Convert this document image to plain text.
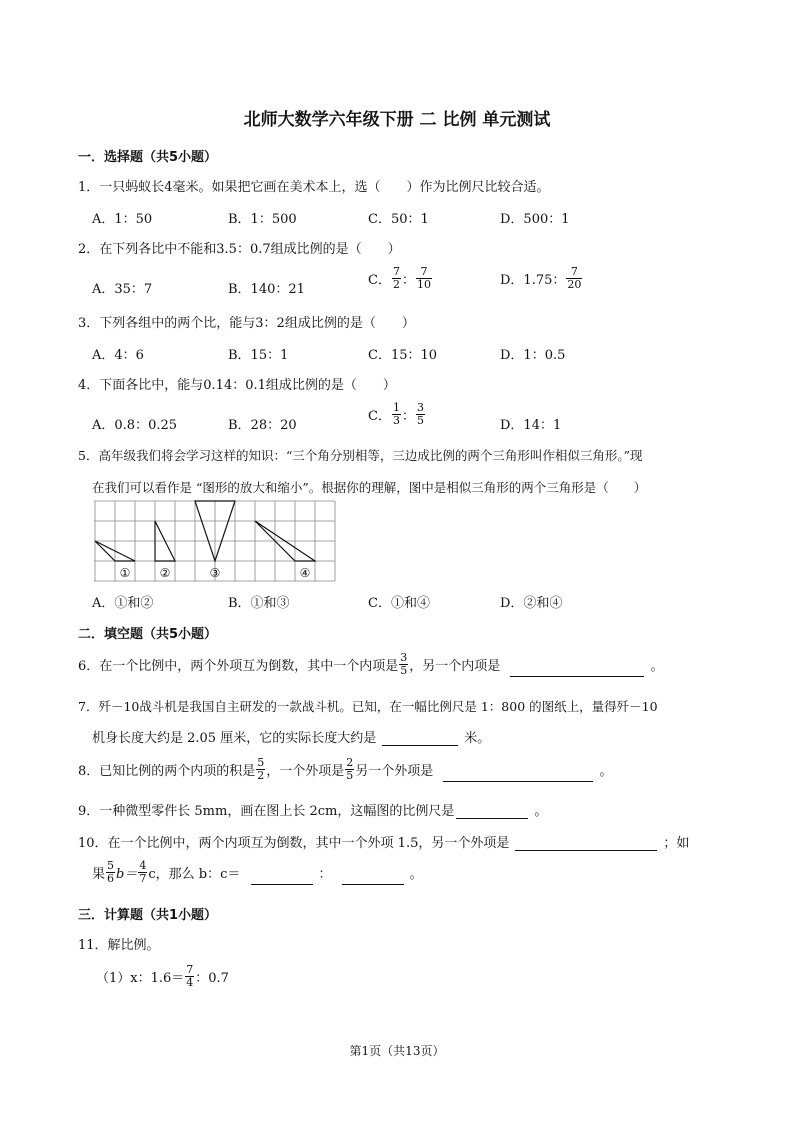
北师大数学六年级下册 二 比例 单元测试
一．选择题（共5小题）
1．一只蚂蚁长4毫米。如果把它画在美术本上，选（　　）作为比例尺比较合适。
A．1：50	B．1：500	C．50：1	D．500：1
2．在下列各比中不能和3.5：0.7组成比例的是（　　）
A．35：7	B．140：21
C． $\frac{7}{2}$ ： $\frac{7}{10}$	D．1.75： $\frac{7}{20}$
3．下列各组中的两个比，能与3：2组成比例的是（　　）
A．4：6	B．15：1	C．15：10	D．1：0.5
4．下面各比中，能与0.14：0.1组成比例的是（　　）
A．0.8：0.25	B．28：20
C． $\frac{1}{3}$ ： $\frac{3}{5}$	D．14：1
5．高年级我们将会学习这样的知识：“三个角分别相等，三边成比例的两个三角形叫作相似三角形。”现
在我们可以看作是 “图形的放大和缩小”。根据你的理解，图中是相似三角形的两个三角形是（　　）
① ②	③	④
A．①和②	B．①和③	C．①和④	D．②和④
二．填空题（共5小题）
6．在一个比例中，两个外项互为倒数，其中一个内项是 $\frac{3}{5}$ ，另一个内项是	。
7．歼－10战斗机是我国自主研发的一款战斗机。已知，在一幅比例尺是 1：800 的图纸上，量得歼－10
机身长度大约是 2.05 厘米，它的实际长度大约是	米。
8．已知比例的两个内项的积是 $\frac{5}{2}$ ，一个外项是 $\frac{2}{5}$ 另一个外项是	。
9．一种微型零件长 5mm，画在图上长 2cm，这幅图的比例尺是	。
10．在一个比例中，两个内项互为倒数，其中一个外项 1.5，另一个外项是	；如
果 $\frac{5}{6} b= \frac{4}{7}$ c，那么 b：c＝	：	。
三．计算题（共1小题）
11．解比例。
（1）x：$1.6= \frac{7}{4}$ ：0.7
第1页（共13页）
